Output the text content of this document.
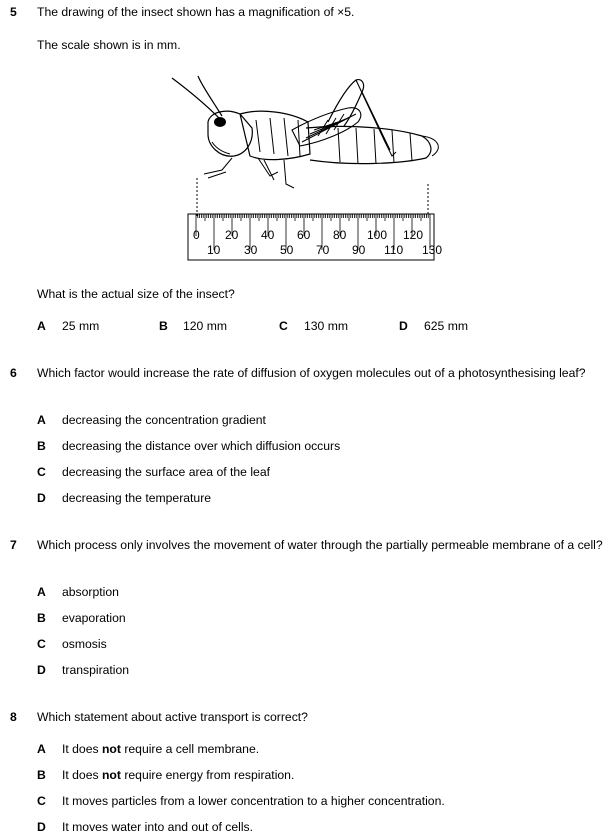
5 The drawing of the insect shown has a magnification of ×5.
The scale shown is in mm.
0 20 40 60 80 100 120
10 30 50 70 90 110 130
What is the actual size of the insect?
A 25 mm	B 120 mm	C 130 mm	D 625 mm
6 Which factor would increase the rate of diffusion of oxygen molecules out of a photosynthesising leaf?
A decreasing the concentration gradient
B decreasing the distance over which diffusion occurs
C decreasing the surface area of the leaf
D decreasing the temperature
7 Which process only involves the movement of water through the partially permeable membrane of a cell?
A absorption
B evaporation
C osmosis
D transpiration
8 Which statement about active transport is correct?
A It does not require a cell membrane.
B It does not require energy from respiration.
C It moves particles from a lower concentration to a higher concentration.
D It moves water into and out of cells.
